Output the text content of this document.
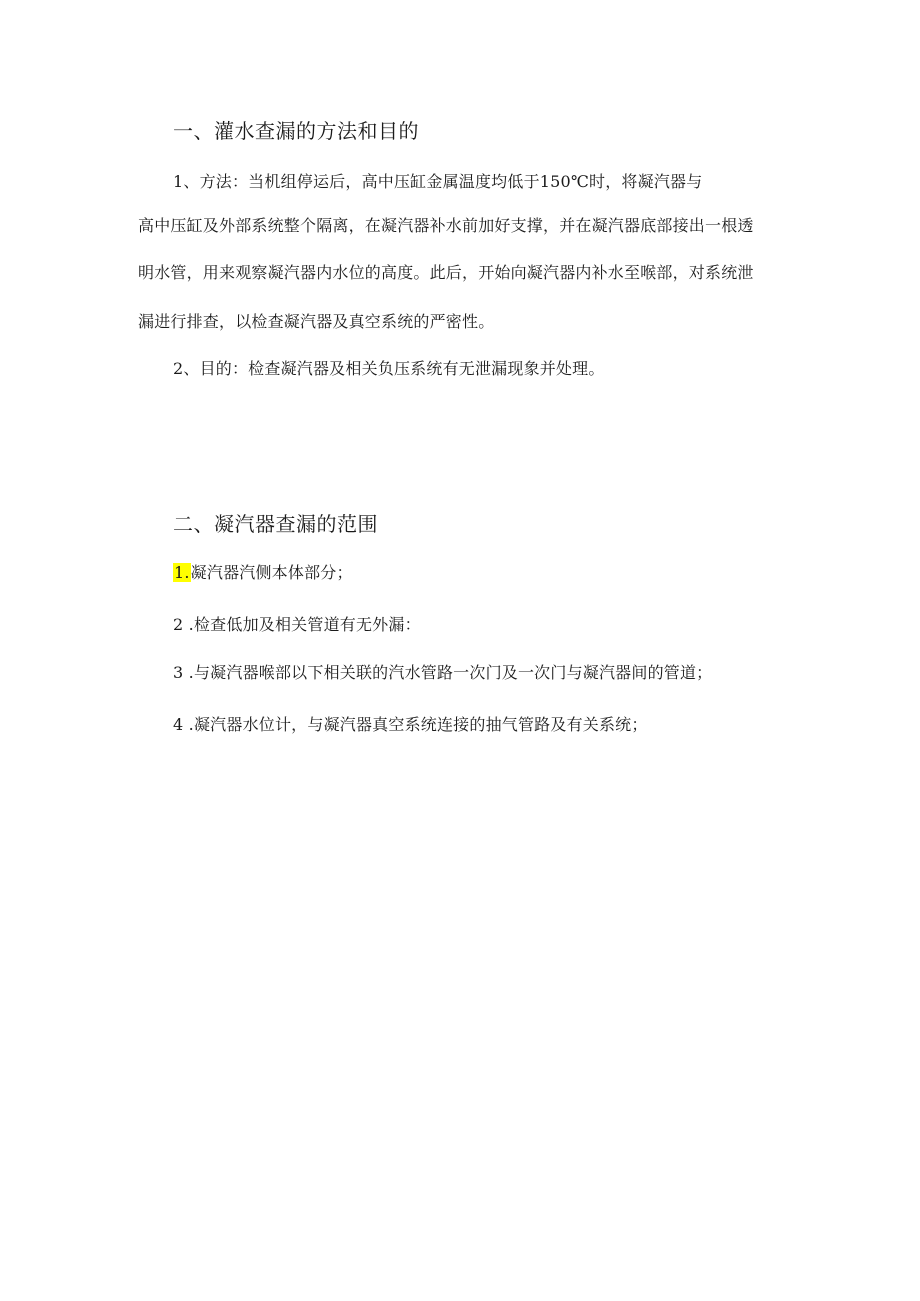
一、灌水查漏的方法和目的
1、方法：当机组停运后，高中压缸金属温度均低于150℃时，将凝汽器与
高中压缸及外部系统整个隔离，在凝汽器补水前加好支撑，并在凝汽器底部接出一根透
明水管，用来观察凝汽器内水位的高度。此后，开始向凝汽器内补水至喉部，对系统泄
漏进行排查，以检查凝汽器及真空系统的严密性。
2、目的：检查凝汽器及相关负压系统有无泄漏现象并处理。
二、凝汽器查漏的范围
1.凝汽器汽侧本体部分；
2 .检查低加及相关管道有无外漏：
3 .与凝汽器喉部以下相关联的汽水管路一次门及一次门与凝汽器间的管道；
4 .凝汽器水位计，与凝汽器真空系统连接的抽气管路及有关系统；
